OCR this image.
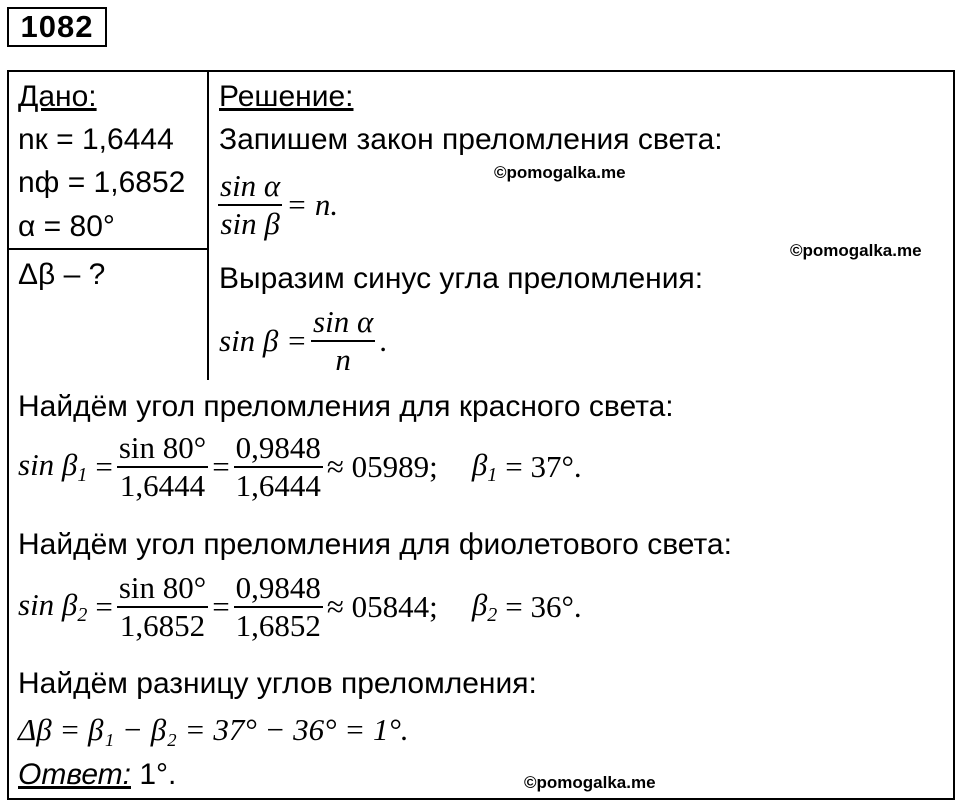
1082
Дано:
nк = 1,6444
nф = 1,6852
α = 80°
Δβ – ?
Решение:
Запишем закон преломления света:
$\frac{\text{sin α}}{\text{sin β}} = n$.
Выразим синус угла преломления:
$\sin \beta = \frac{\text{sin α}}{n}$ .
Найдём угол преломления для красного света:
$\sin \beta_1 = \frac{\sin 80^\circ}{1,6444} = \frac{0,9848}{1,6444} \approx 05989$; $\beta_1 = 37^\circ$.
Найдём угол преломления для фиолетового света:
$\sin \beta_2 = \frac{\sin 80^\circ}{1,6852} = \frac{0,9848}{1,6852} \approx 05844$; $\beta_2 = 36^\circ$.
Найдём разницу углов преломления:
Δβ = β₁ − β₂ = 37° − 36° = 1°.
Ответ: 1°.
©pomogalka.me
©pomogalka.me
©pomogalka.me
